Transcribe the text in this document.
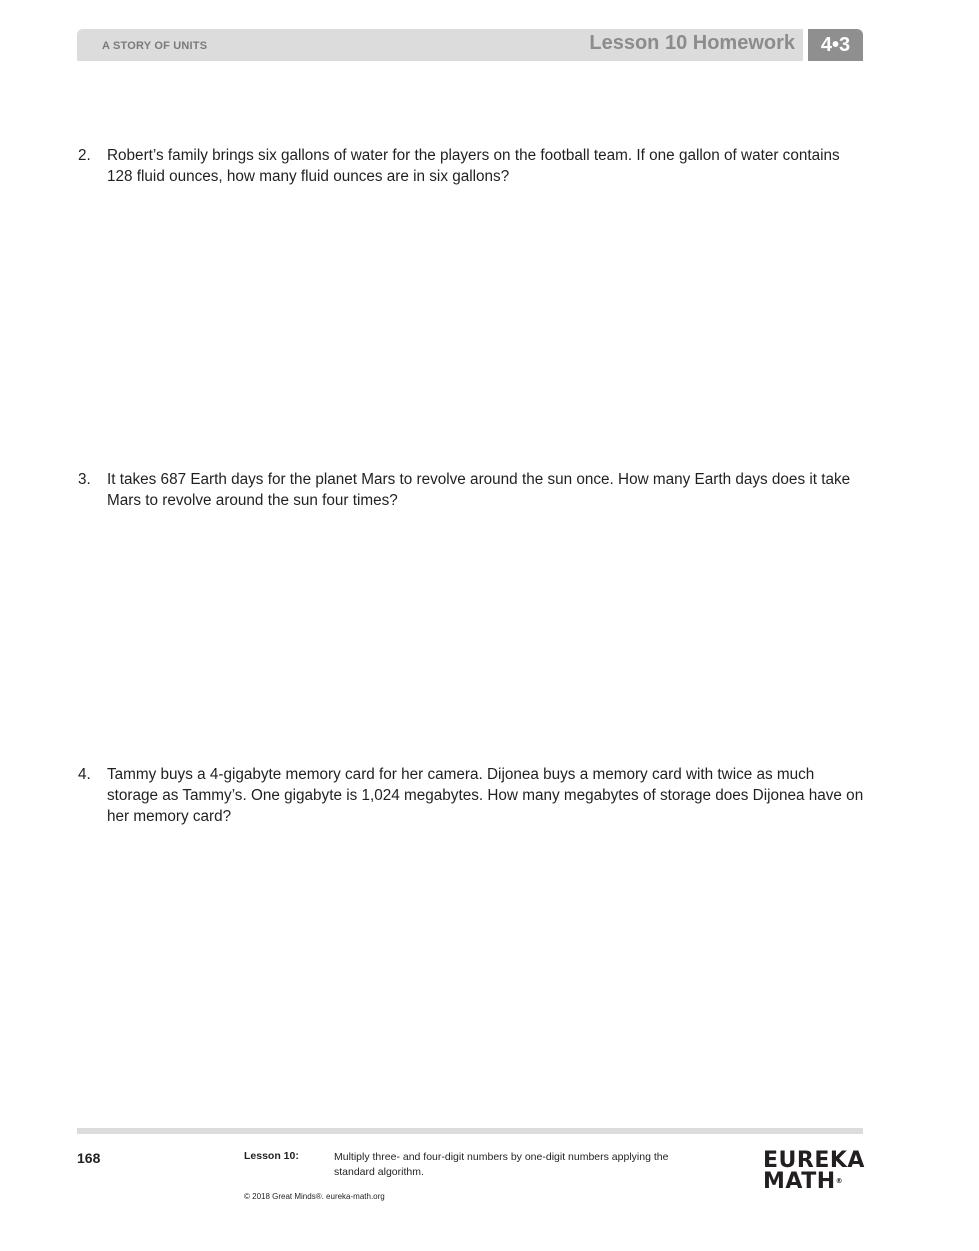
A STORY OF UNITS	Lesson 10 Homework	4•3
2. Robert’s family brings six gallons of water for the players on the football team. If one gallon of water contains 128 fluid ounces, how many fluid ounces are in six gallons?
3. It takes 687 Earth days for the planet Mars to revolve around the sun once. How many Earth days does it take Mars to revolve around the sun four times?
4. Tammy buys a 4-gigabyte memory card for her camera. Dijonea buys a memory card with twice as much storage as Tammy’s. One gigabyte is 1,024 megabytes. How many megabytes of storage does Dijonea have on her memory card?
168	Lesson 10:	Multiply three- and four-digit numbers by one-digit numbers applying the standard algorithm.
© 2018 Great Minds®. eureka-math.org
EUREKA
MATH®
